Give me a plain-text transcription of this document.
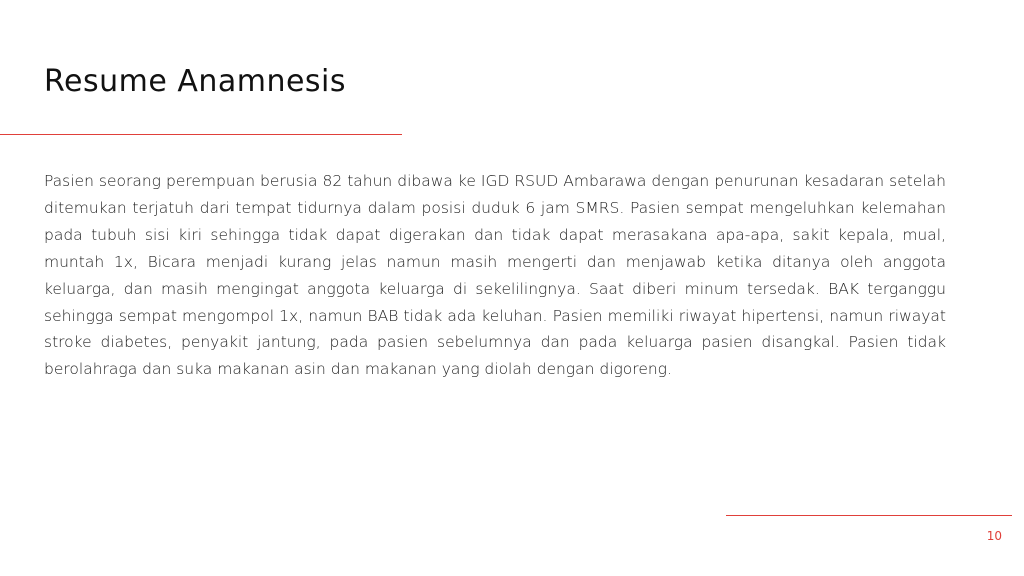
Resume Anamnesis

Pasien seorang perempuan berusia 82 tahun dibawa ke IGD RSUD Ambarawa dengan penurunan kesadaran setelah ditemukan terjatuh dari tempat tidurnya dalam posisi duduk 6 jam SMRS. Pasien sempat mengeluhkan kelemahan pada tubuh sisi kiri sehingga tidak dapat digerakan dan tidak dapat merasakana apa-apa, sakit kepala, mual, muntah 1x, Bicara menjadi kurang jelas namun masih mengerti dan menjawab ketika ditanya oleh anggota keluarga, dan masih mengingat anggota keluarga di sekelilingnya. Saat diberi minum tersedak. BAK terganggu sehingga sempat mengompol 1x, namun BAB tidak ada keluhan. Pasien memiliki riwayat hipertensi, namun riwayat stroke diabetes, penyakit jantung, pada pasien sebelumnya dan pada keluarga pasien disangkal. Pasien tidak berolahraga dan suka makanan asin dan makanan yang diolah dengan digoreng.

10
